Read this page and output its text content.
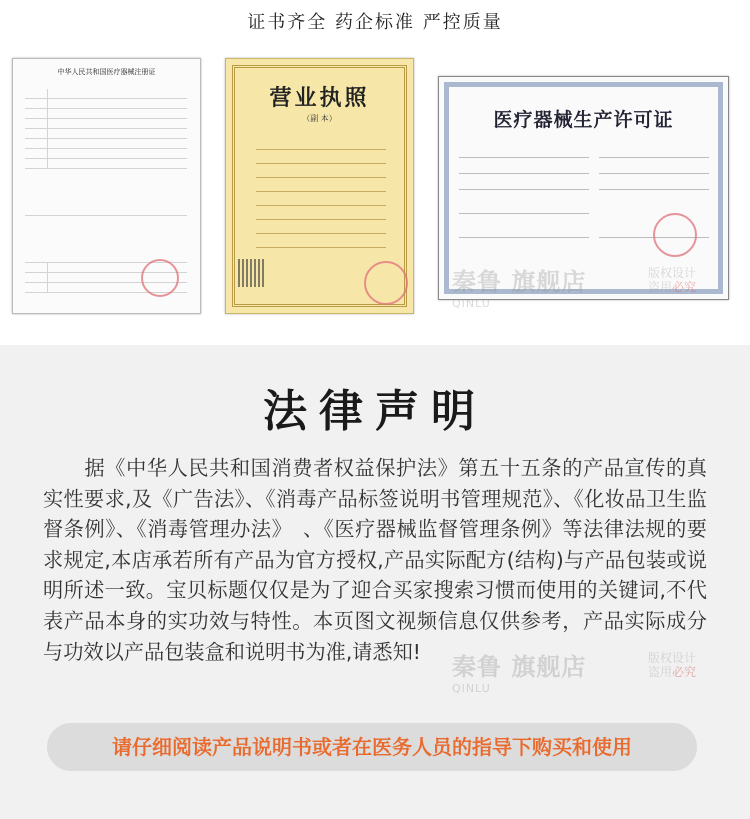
证书齐全 药企标准 严控质量
中华人民共和国医疗器械注册证
营业执照
（副 本）	医疗器械生产许可证
秦鲁 旗舰店
QINLU
版权设计
盗用必究
法律声明
　　据《中华人民共和国消费者权益保护法》第五十五条的产品宣传的真实性要求,及《广告法》、《消毒产品标签说明书管理规范》、《化妆品卫生监督条例》、《消毒管理办法》　、《医疗器械监督管理条例》等法律法规的要求规定,本店承若所有产品为官方授权,产品实际配方(结构)与产品包装或说明所述一致。宝贝标题仅仅是为了迎合买家搜索习惯而使用的关键词,不代表产品本身的实功效与特性。本页图文视频信息仅供参考，产品实际成分与功效以产品包装盒和说明书为准,请悉知!
秦鲁 旗舰店
QINLU
版权设计
盗用必究
请仔细阅读产品说明书或者在医务人员的指导下购买和使用
